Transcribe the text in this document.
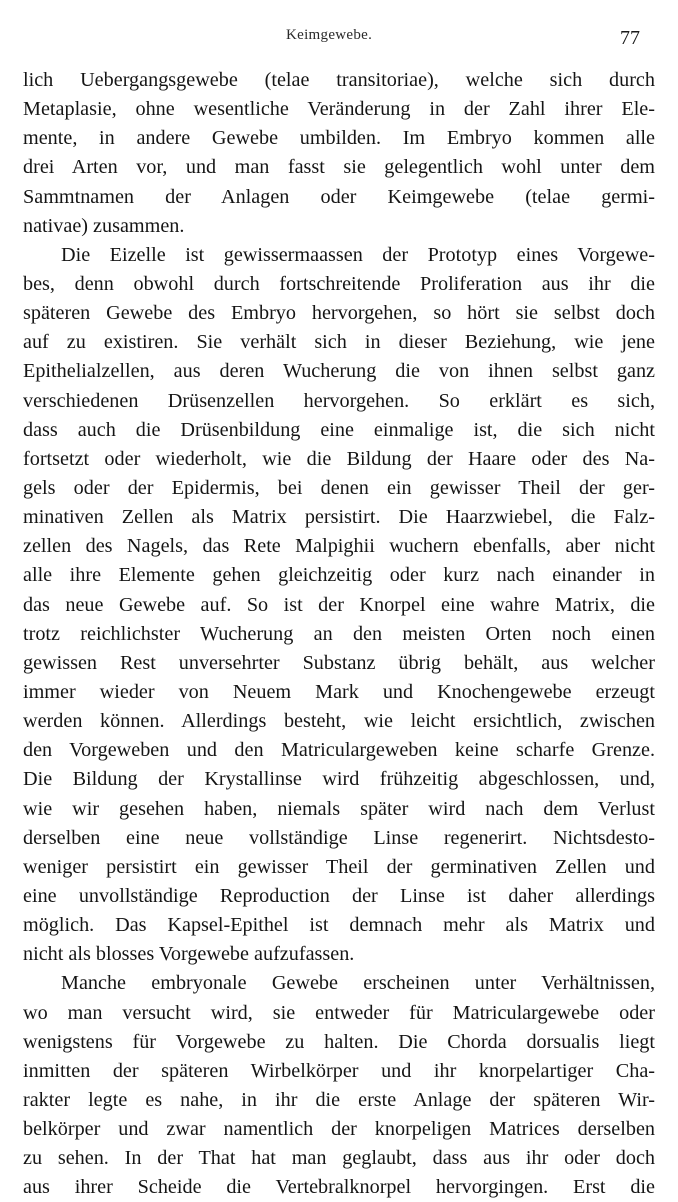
Keimgewebe.	77
lich Uebergangsgewebe (telae transitoriae), welche sich durch
Metaplasie, ohne wesentliche Veränderung in der Zahl ihrer Ele-
mente, in andere Gewebe umbilden. Im Embryo kommen alle
drei Arten vor, und man fasst sie gelegentlich wohl unter dem
Sammtnamen der Anlagen oder Keimgewebe (telae germi-
nativae) zusammen.
Die Eizelle ist gewissermaassen der Prototyp eines Vorgewe-
bes, denn obwohl durch fortschreitende Proliferation aus ihr die
späteren Gewebe des Embryo hervorgehen, so hört sie selbst doch
auf zu existiren. Sie verhält sich in dieser Beziehung, wie jene
Epithelialzellen, aus deren Wucherung die von ihnen selbst ganz
verschiedenen Drüsenzellen hervorgehen. So erklärt es sich,
dass auch die Drüsenbildung eine einmalige ist, die sich nicht
fortsetzt oder wiederholt, wie die Bildung der Haare oder des Na-
gels oder der Epidermis, bei denen ein gewisser Theil der ger-
minativen Zellen als Matrix persistirt. Die Haarzwiebel, die Falz-
zellen des Nagels, das Rete Malpighii wuchern ebenfalls, aber nicht
alle ihre Elemente gehen gleichzeitig oder kurz nach einander in
das neue Gewebe auf. So ist der Knorpel eine wahre Matrix, die
trotz reichlichster Wucherung an den meisten Orten noch einen
gewissen Rest unversehrter Substanz übrig behält, aus welcher
immer wieder von Neuem Mark und Knochengewebe erzeugt
werden können. Allerdings besteht, wie leicht ersichtlich, zwischen
den Vorgeweben und den Matriculargeweben keine scharfe Grenze.
Die Bildung der Krystallinse wird frühzeitig abgeschlossen, und,
wie wir gesehen haben, niemals später wird nach dem Verlust
derselben eine neue vollständige Linse regenerirt. Nichtsdesto-
weniger persistirt ein gewisser Theil der germinativen Zellen und
eine unvollständige Reproduction der Linse ist daher allerdings
möglich. Das Kapsel-Epithel ist demnach mehr als Matrix und
nicht als blosses Vorgewebe aufzufassen.
Manche embryonale Gewebe erscheinen unter Verhältnissen,
wo man versucht wird, sie entweder für Matriculargewebe oder
wenigstens für Vorgewebe zu halten. Die Chorda dorsualis liegt
inmitten der späteren Wirbelkörper und ihr knorpelartiger Cha-
rakter legte es nahe, in ihr die erste Anlage der späteren Wir-
belkörper und zwar namentlich der knorpeligen Matrices derselben
zu sehen. In der That hat man geglaubt, dass aus ihr oder doch
aus ihrer Scheide die Vertebralknorpel hervorgingen. Erst die
